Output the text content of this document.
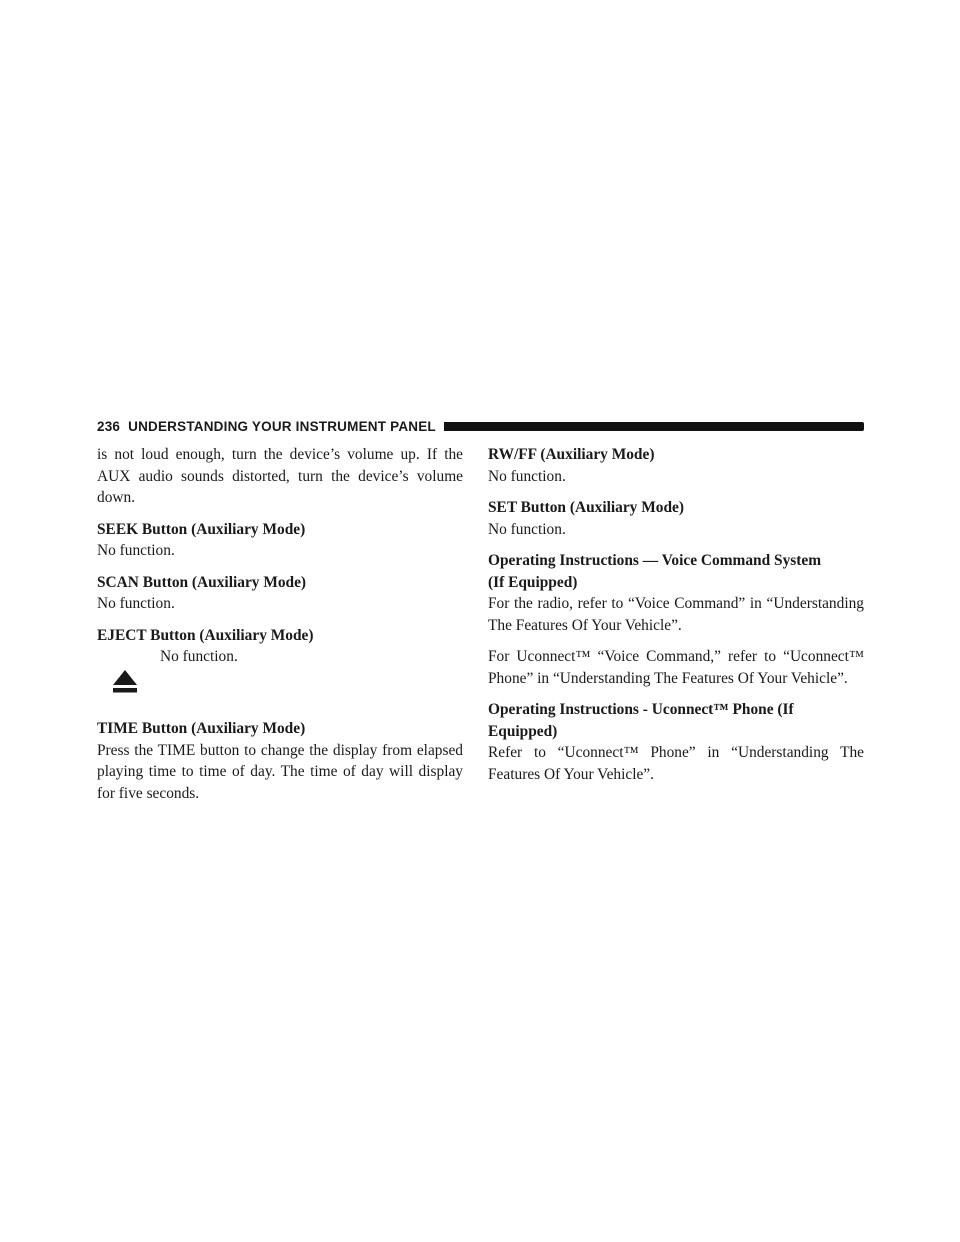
236 UNDERSTANDING YOUR INSTRUMENT PANEL

is not loud enough, turn the device’s volume up. If the AUX audio sounds distorted, turn the device’s volume down.

SEEK Button (Auxiliary Mode)

No function.

SCAN Button (Auxiliary Mode)

No function.

EJECT Button (Auxiliary Mode)

No function.

TIME Button (Auxiliary Mode)

Press the TIME button to change the display from elapsed playing time to time of day. The time of day will display for five seconds.

RW/FF (Auxiliary Mode)

No function.

SET Button (Auxiliary Mode)

No function.

Operating Instructions — Voice Command System

(If Equipped)

For the radio, refer to “Voice Command” in “Understanding The Features Of Your Vehicle”.

For Uconnect™ “Voice Command,” refer to “Uconnect™ Phone” in “Understanding The Features Of Your Vehicle”.

Operating Instructions - Uconnect™ Phone (If

Equipped)

Refer to “Uconnect™ Phone” in “Understanding The Features Of Your Vehicle”.
